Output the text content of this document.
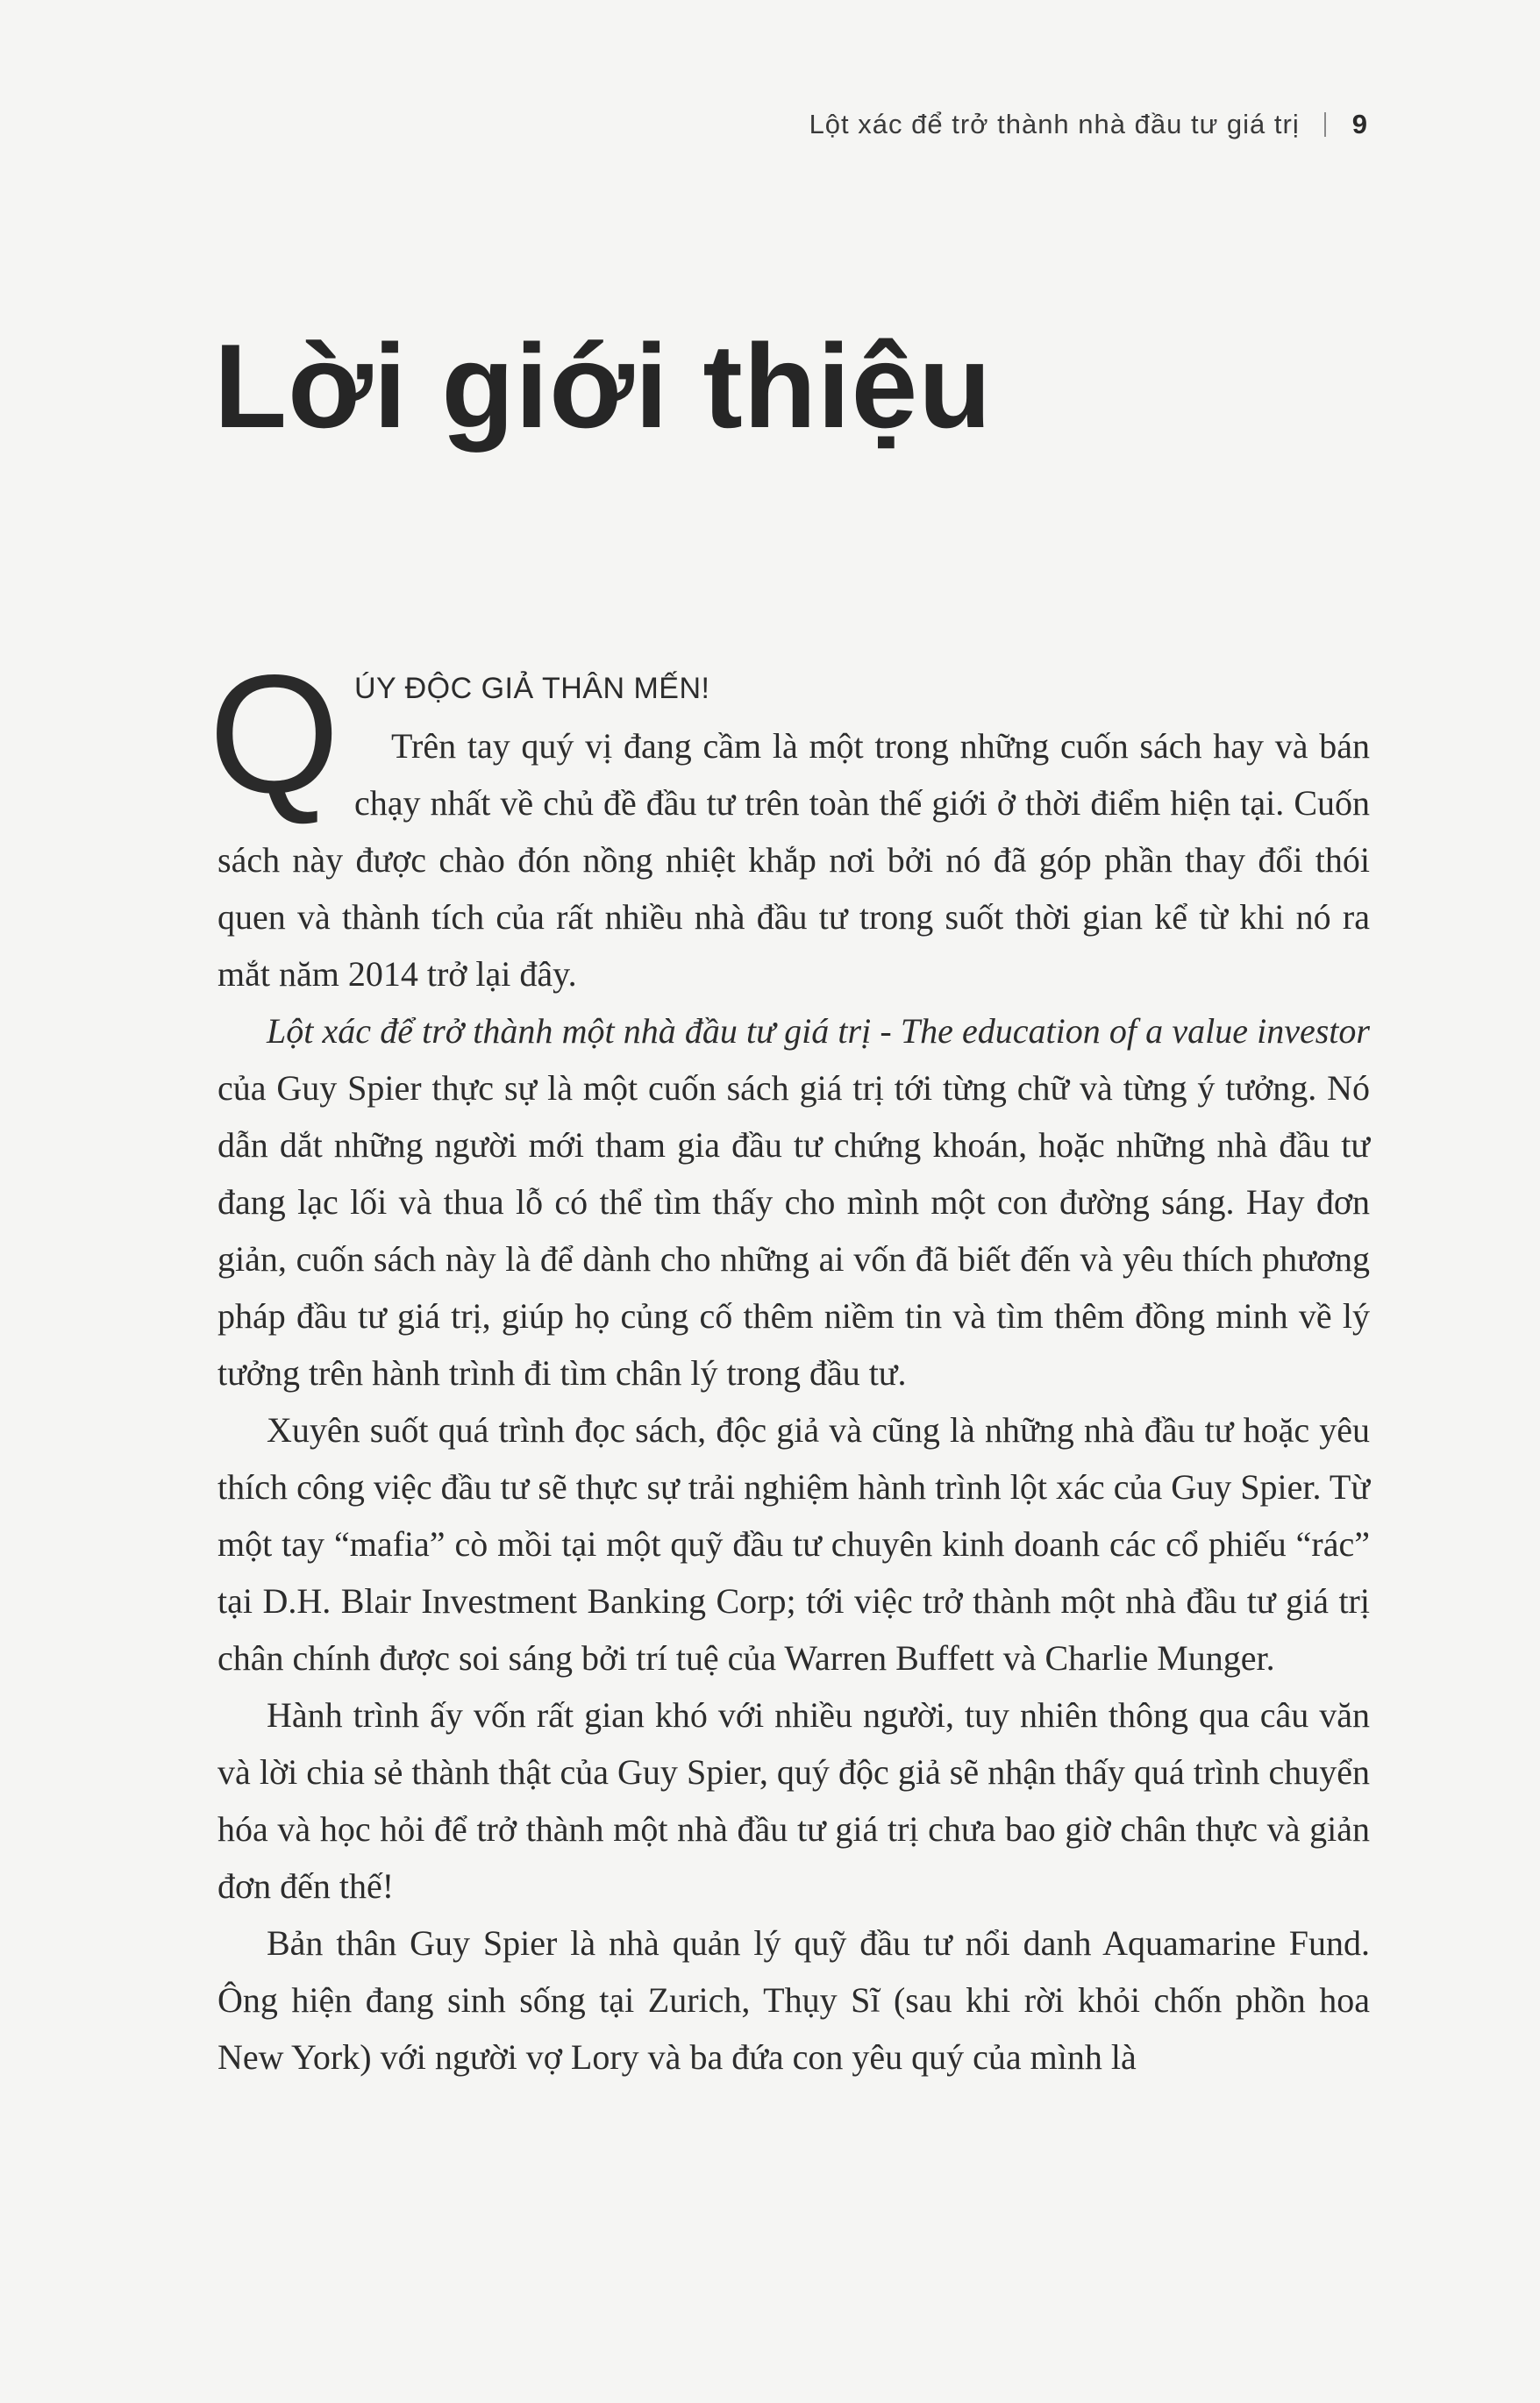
Lột xác để trở thành nhà đầu tư giá trị 9
Lời giới thiệu
Q ÚY ĐỘC GIẢ THÂN MẾN!

Trên tay quý vị đang cầm là một trong những cuốn sách hay và bán chạy nhất về chủ đề đầu tư trên toàn thế giới ở thời điểm hiện tại. Cuốn sách này được chào đón nồng nhiệt khắp nơi bởi nó đã góp phần thay đổi thói quen và thành tích của rất nhiều nhà đầu tư trong suốt thời gian kể từ khi nó ra mắt năm 2014 trở lại đây.

Lột xác để trở thành một nhà đầu tư giá trị - The education of a value investor của Guy Spier thực sự là một cuốn sách giá trị tới từng chữ và từng ý tưởng. Nó dẫn dắt những người mới tham gia đầu tư chứng khoán, hoặc những nhà đầu tư đang lạc lối và thua lỗ có thể tìm thấy cho mình một con đường sáng. Hay đơn giản, cuốn sách này là để dành cho những ai vốn đã biết đến và yêu thích phương pháp đầu tư giá trị, giúp họ củng cố thêm niềm tin và tìm thêm đồng minh về lý tưởng trên hành trình đi tìm chân lý trong đầu tư.

Xuyên suốt quá trình đọc sách, độc giả và cũng là những nhà đầu tư hoặc yêu thích công việc đầu tư sẽ thực sự trải nghiệm hành trình lột xác của Guy Spier. Từ một tay “mafia” cò mồi tại một quỹ đầu tư chuyên kinh doanh các cổ phiếu “rác” tại D.H. Blair Investment Banking Corp; tới việc trở thành một nhà đầu tư giá trị chân chính được soi sáng bởi trí tuệ của Warren Buffett và Charlie Munger.

Hành trình ấy vốn rất gian khó với nhiều người, tuy nhiên thông qua câu văn và lời chia sẻ thành thật của Guy Spier, quý độc giả sẽ nhận thấy quá trình chuyển hóa và học hỏi để trở thành một nhà đầu tư giá trị chưa bao giờ chân thực và giản đơn đến thế!

Bản thân Guy Spier là nhà quản lý quỹ đầu tư nổi danh Aquamarine Fund. Ông hiện đang sinh sống tại Zurich, Thụy Sĩ (sau khi rời khỏi chốn phồn hoa New York) với người vợ Lory và ba đứa con yêu quý của mình là
